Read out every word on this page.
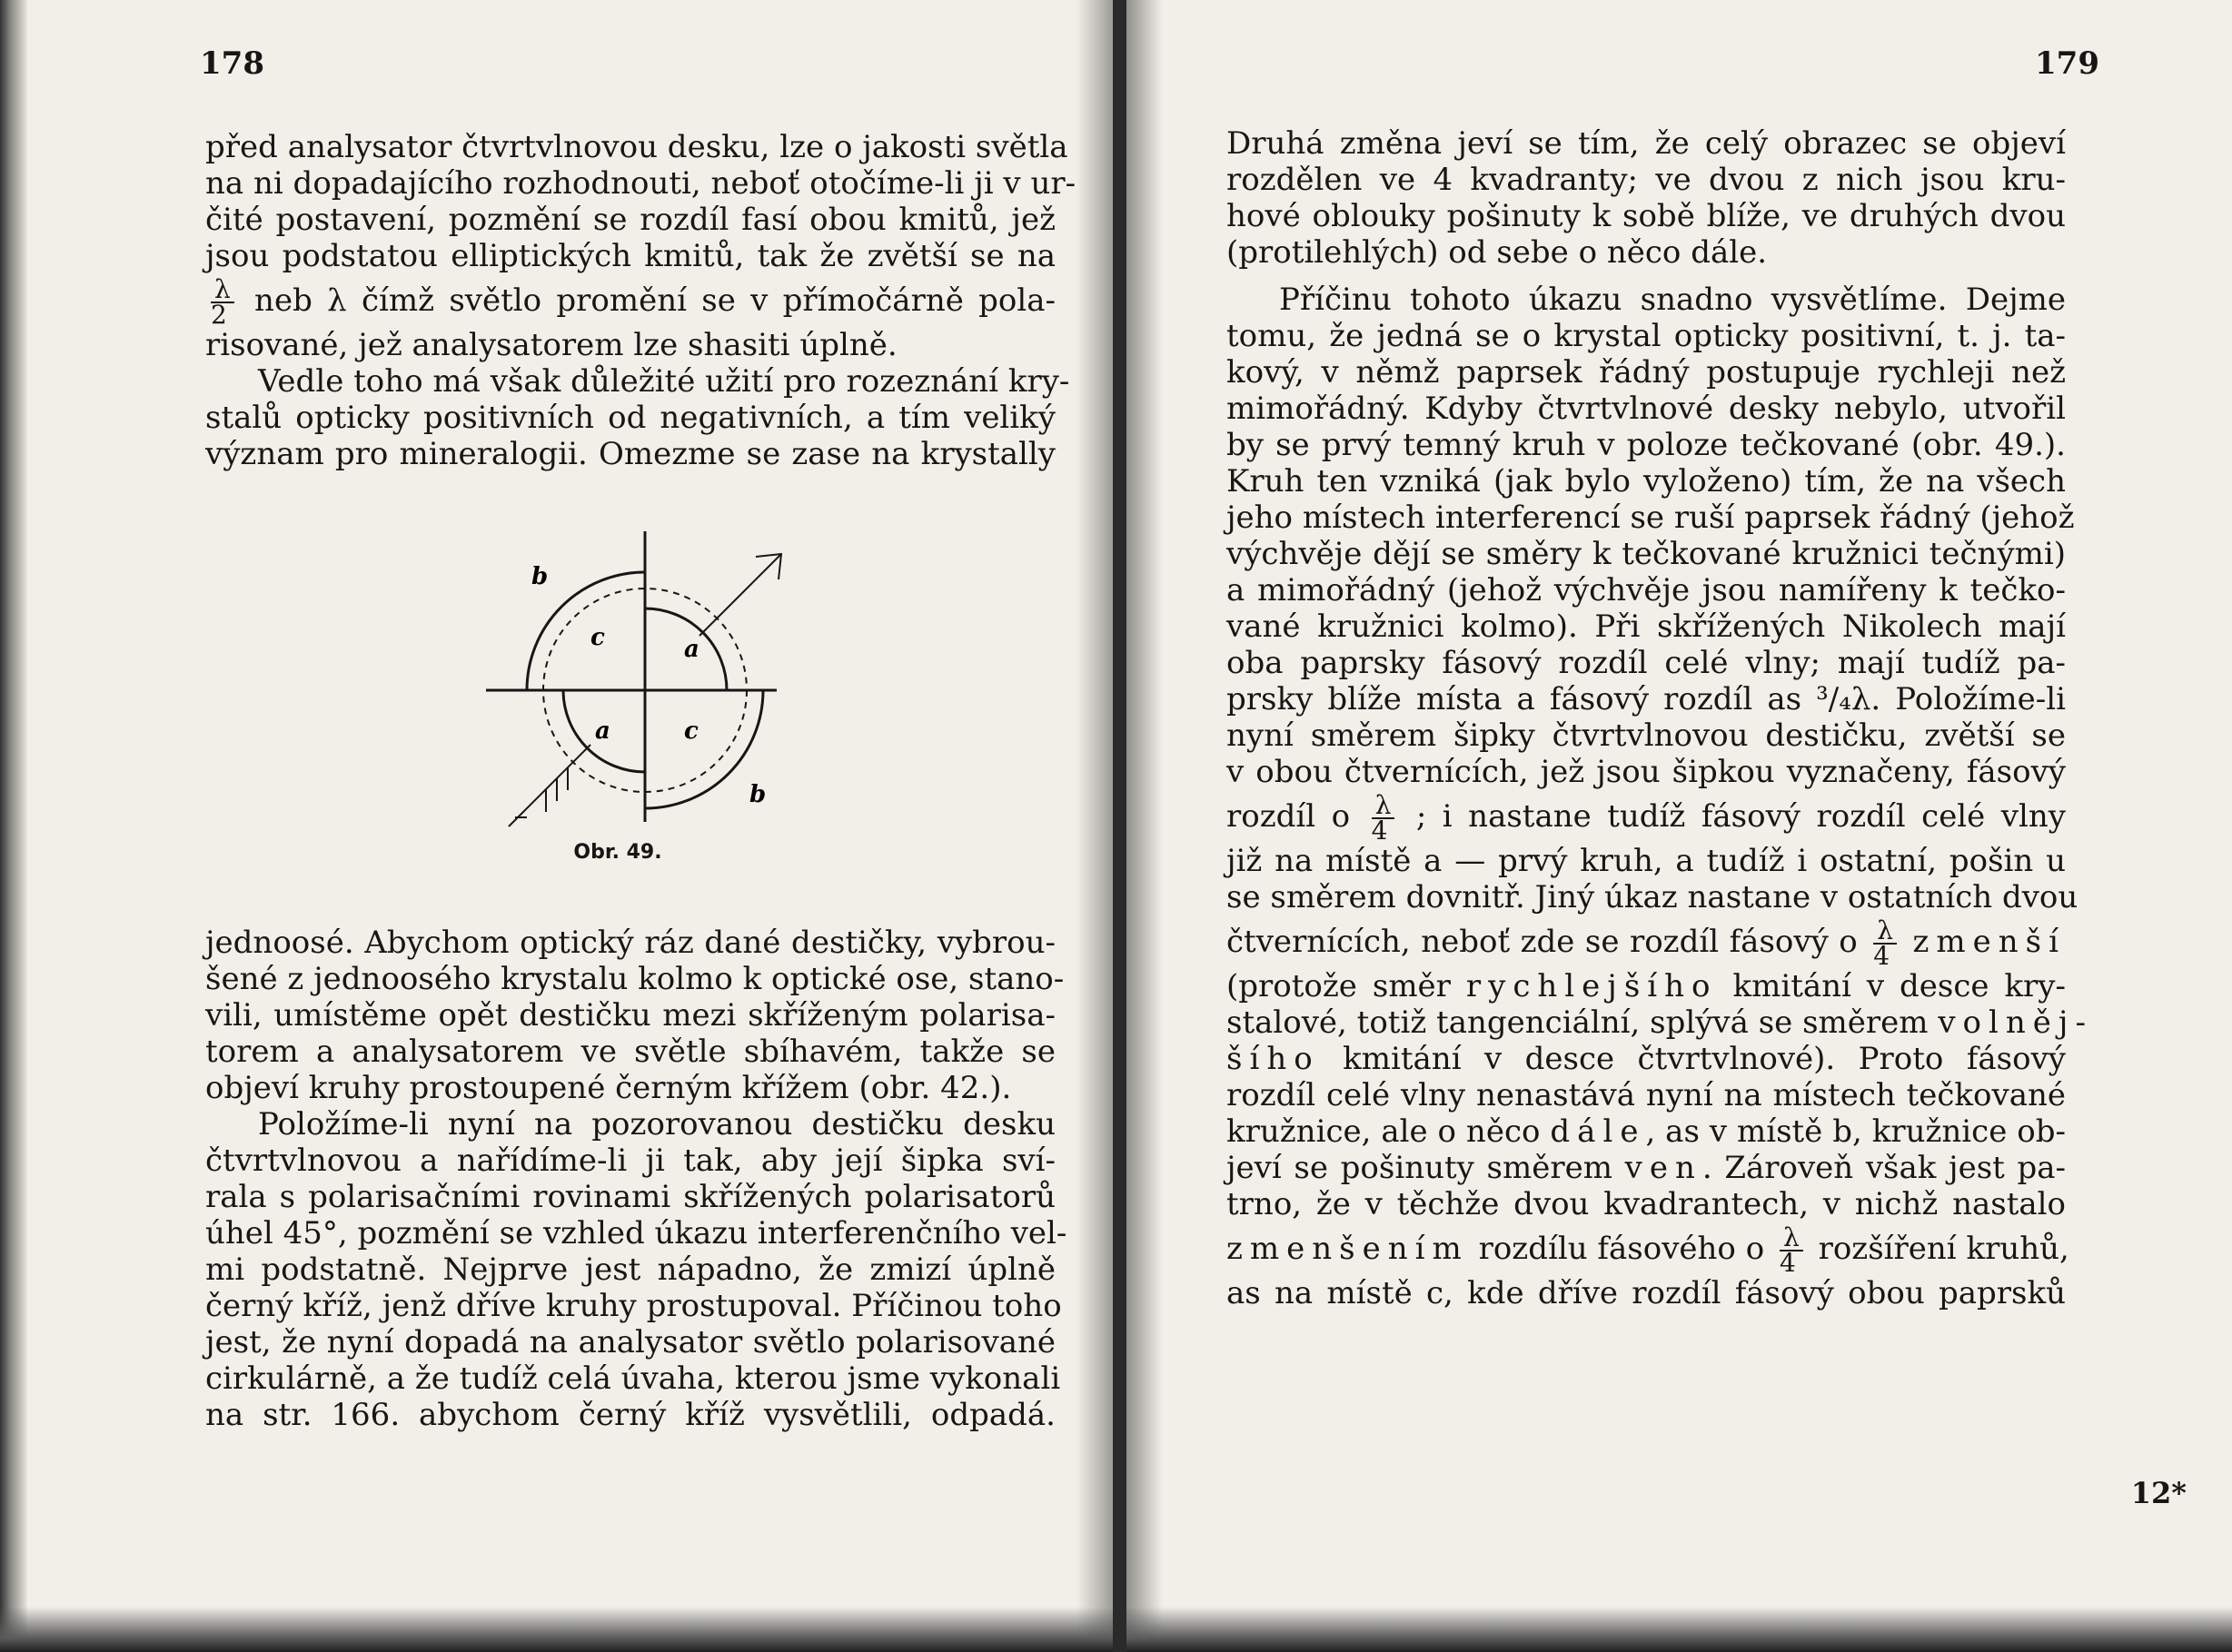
178
před analysator čtvrtvlnovou desku, lze o jakosti světla
na ni dopadajícího rozhodnouti, neboť otočíme-li ji v ur-
čité postavení, pozmění se rozdíl fasí obou kmitů, jež
jsou podstatou elliptických kmitů, tak že zvětší se na
$\frac{\lambda}{2}$ neb λ čímž světlo promění se v přímočárně pola-
risované, jež analysatorem lze shasiti úplně.
Vedle toho má však důležité užití pro rozeznání kry-
stalů opticky positivních od negativních, a tím veliký
význam pro mineralogii. Omezme se zase na krystally
b
c	a
a	c
b
Obr. 49.
jednoosé. Abychom optický ráz dané destičky, vybrou-
šené z jednoosého krystalu kolmo k optické ose, stano-
vili, umístěme opět destičku mezi skříženým polarisa-
torem a analysatorem ve světle sbíhavém, takže se
objeví kruhy prostoupené černým křížem (obr. 42.).
Položíme-li nyní na pozorovanou destičku desku
čtvrtvlnovou a nařídíme-li ji tak, aby její šipka sví-
rala s polarisačními rovinami skřížených polarisatorů
úhel 45°, pozmění se vzhled úkazu interferenčního vel-
mi podstatně. Nejprve jest nápadno, že zmizí úplně
černý kříž, jenž dříve kruhy prostupoval. Příčinou toho
jest, že nyní dopadá na analysator světlo polarisované
cirkulárně, a že tudíž celá úvaha, kterou jsme vykonali
na str. 166. abychom černý kříž vysvětlili, odpadá.
179
Druhá změna jeví se tím, že celý obrazec se objeví
rozdělen ve 4 kvadranty; ve dvou z nich jsou kru-
hové oblouky pošinuty k sobě blíže, ve druhých dvou
(protilehlých) od sebe o něco dále.
Příčinu tohoto úkazu snadno vysvětlíme. Dejme
tomu, že jedná se o krystal opticky positivní, t. j. ta-
kový, v němž paprsek řádný postupuje rychleji než
mimořádný. Kdyby čtvrtvlnové desky nebylo, utvořil
by se prvý temný kruh v poloze tečkované (obr. 49.).
Kruh ten vzniká (jak bylo vyloženo) tím, že na všech
jeho místech interferencí se ruší paprsek řádný (jehož
výchvěje dějí se směry k tečkované kružnici tečnými)
a mimořádný (jehož výchvěje jsou namířeny k tečko-
vané kružnici kolmo). Při skřížených Nikolech mají
oba paprsky fásový rozdíl celé vlny; mají tudíž pa-
prsky blíže místa a fásový rozdíl as ³/₄λ. Položíme-li
nyní směrem šipky čtvrtvlnovou destičku, zvětší se
v obou čtvernících, jež jsou šipkou vyznačeny, fásový
rozdíl o $\frac{\lambda}{4}$ ; i nastane tudíž fásový rozdíl celé vlny
již na místě a — prvý kruh, a tudíž i ostatní, pošin u
se směrem dovnitř. Jiný úkaz nastane v ostatních dvou
čtvernících, neboť zde se rozdíl fásový o $\frac{\lambda}{4}$ zmenší
(protože směr rychlejšího kmitání v desce kry-
stalové, totiž tangenciální, splývá se směrem volněj-
šího kmitání v desce čtvrtvlnové). Proto fásový
rozdíl celé vlny nenastává nyní na místech tečkované
kružnice, ale o něco dále, as v místě b, kružnice ob-
jeví se pošinuty směrem ven. Zároveň však jest pa-
trno, že v těchže dvou kvadrantech, v nichž nastalo
zmenšením rozdílu fásového o $\frac{\lambda}{4}$ rozšíření kruhů,
as na místě c, kde dříve rozdíl fásový obou paprsků
12*
